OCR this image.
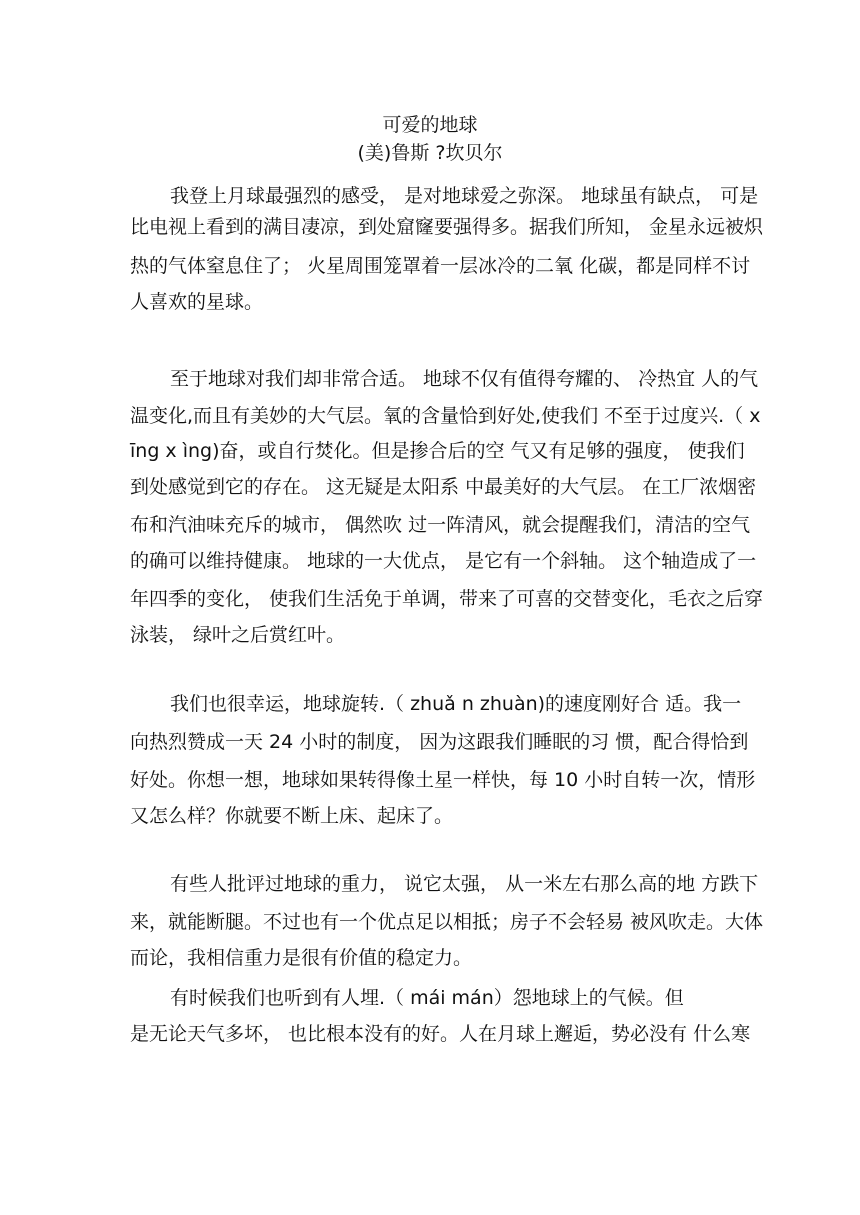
可爱的地球
(美)鲁斯 ?坎贝尔
我登上月球最强烈的感受， 是对地球爱之弥深。 地球虽有缺点， 可是
比电视上看到的满目凄凉，到处窟窿要强得多。据我们所知， 金星永远被炽
热的气体窒息住了； 火星周围笼罩着一层冰冷的二氧 化碳，都是同样不讨
人喜欢的星球。
至于地球对我们却非常合适。 地球不仅有值得夸耀的、 冷热宜 人的气
温变化,而且有美妙的大气层。氧的含量恰到好处,使我们 不至于过度兴.（ x
īng x ìng)奋，或自行焚化。但是掺合后的空 气又有足够的强度， 使我们
到处感觉到它的存在。 这无疑是太阳系 中最美好的大气层。 在工厂浓烟密
布和汽油味充斥的城市， 偶然吹 过一阵清风，就会提醒我们，清洁的空气
的确可以维持健康。 地球的一大优点， 是它有一个斜轴。 这个轴造成了一
年四季的变化， 使我们生活免于单调，带来了可喜的交替变化，毛衣之后穿
泳装， 绿叶之后赏红叶。
我们也很幸运，地球旋转.（ zhuǎ n zhuàn)的速度刚好合 适。我一
向热烈赞成一天 24 小时的制度， 因为这跟我们睡眠的习 惯，配合得恰到
好处。你想一想，地球如果转得像土星一样快，每 10 小时自转一次，情形
又怎么样？你就要不断上床、起床了。
有些人批评过地球的重力， 说它太强， 从一米左右那么高的地 方跌下
来，就能断腿。不过也有一个优点足以相抵；房子不会轻易 被风吹走。大体
而论，我相信重力是很有价值的稳定力。
有时候我们也听到有人埋.（ mái mán）怨地球上的气候。但
是无论天气多坏， 也比根本没有的好。人在月球上邂逅，势必没有 什么寒
